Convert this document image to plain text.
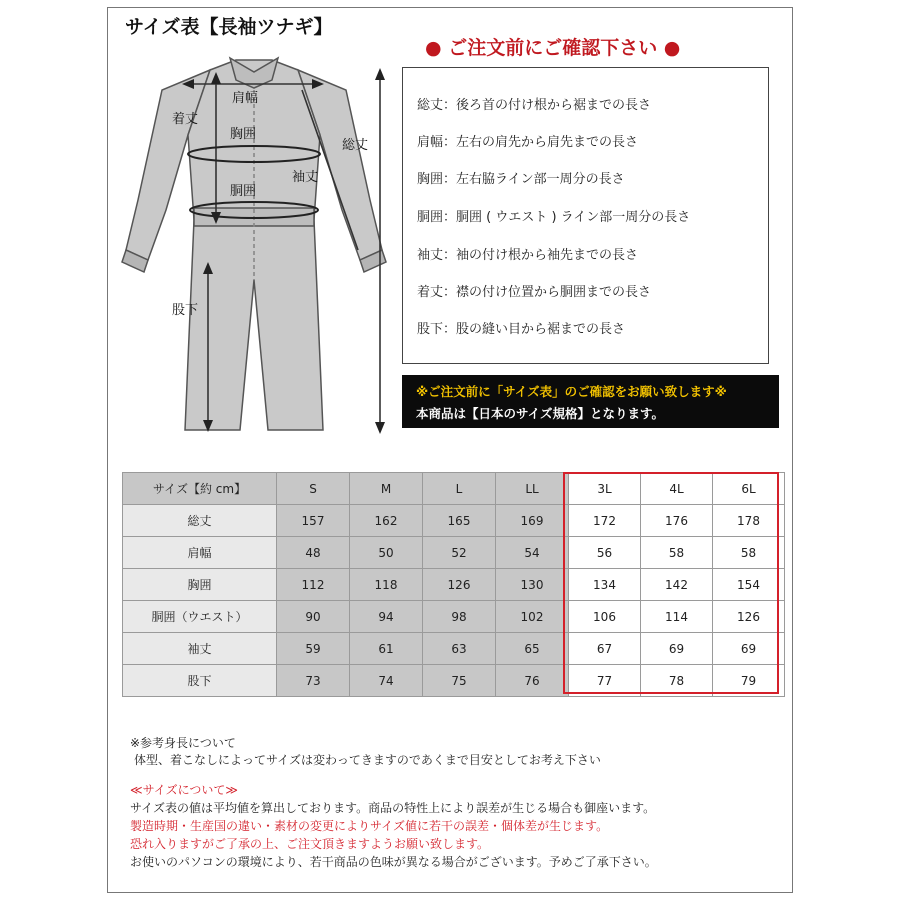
サイズ表【長袖ツナギ】
● ご注文前にご確認下さい ●
着丈
肩幅
胸囲
総丈
胴囲
袖丈
股下
総丈：後ろ首の付け根から裾までの長さ
肩幅：左右の肩先から肩先までの長さ
胸囲：左右脇ライン部一周分の長さ
胴囲：胴囲 ( ウエスト ) ライン部一周分の長さ
袖丈：袖の付け根から袖先までの長さ
着丈：襟の付け位置から胴囲までの長さ
股下：股の縫い目から裾までの長さ
※ご注文前に「サイズ表」のご確認をお願い致します※
本商品は【日本のサイズ規格】となります。
サイズ【約 cm】	S	M	L	LL	3L	4L	6L
総丈	157	162	165	169	172	176	178
肩幅	48	50	52	54	56	58	58
胸囲	112	118	126	130	134	142	154
胴囲（ウエスト）	90	94	98	102	106	114	126
袖丈	59	61	63	65	67	69	69
股下	73	74	75	76	77	78	79
※参考身長について
体型、着こなしによってサイズは変わってきますのであくまで目安としてお考え下さい
≪サイズについて≫
サイズ表の値は平均値を算出しております。商品の特性上により誤差が生じる場合も御座います。
製造時期・生産国の違い・素材の変更によりサイズ値に若干の誤差・個体差が生じます。
恐れ入りますがご了承の上、ご注文頂きますようお願い致します。
お使いのパソコンの環境により、若干商品の色味が異なる場合がございます。予めご了承下さい。
